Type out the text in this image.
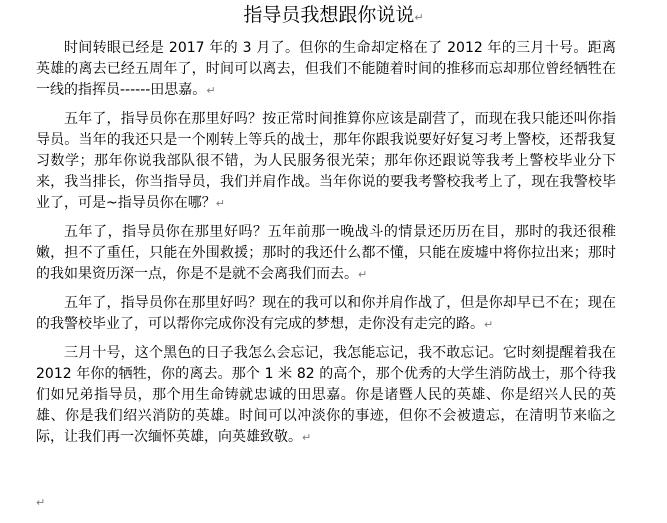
指导员我想跟你说说↵

时间转眼已经是 2017 年的 3 月了。但你的生命却定格在了 2012 年的三月十号。距离英雄的离去已经五周年了，时间可以离去，但我们不能随着时间的推移而忘却那位曾经牺牲在一线的指挥员------田思嘉。↵

五年了，指导员你在那里好吗？按正常时间推算你应该是副营了，而现在我只能还叫你指导员。当年的我还只是一个刚转上等兵的战士，那年你跟我说要好好复习考上警校，还帮我复习数学；那年你说我部队很不错，为人民服务很光荣；那年你还跟说等我考上警校毕业分下来，我当排长，你当指导员，我们并肩作战。当年你说的要我考警校我考上了，现在我警校毕业了，可是~指导员你在哪？↵

五年了，指导员你在那里好吗？五年前那一晚战斗的情景还历历在目，那时的我还很稚嫩，担不了重任，只能在外围救援；那时的我还什么都不懂，只能在废墟中将你拉出来；那时的我如果资历深一点，你是不是就不会离我们而去。↵

五年了，指导员你在那里好吗？现在的我可以和你并肩作战了，但是你却早已不在；现在的我警校毕业了，可以帮你完成你没有完成的梦想，走你没有走完的路。↵

三月十号，这个黑色的日子我怎么会忘记，我怎能忘记，我不敢忘记。它时刻提醒着我在 2012 年你的牺牲，你的离去。那个 1 米 82 的高个，那个优秀的大学生消防战士，那个待我们如兄弟指导员，那个用生命铸就忠诚的田思嘉。你是诸暨人民的英雄、你是绍兴人民的英雄、你是我们绍兴消防的英雄。时间可以冲淡你的事迹，但你不会被遗忘，在清明节来临之际，让我们再一次缅怀英雄，向英雄致敬。↵

↵
